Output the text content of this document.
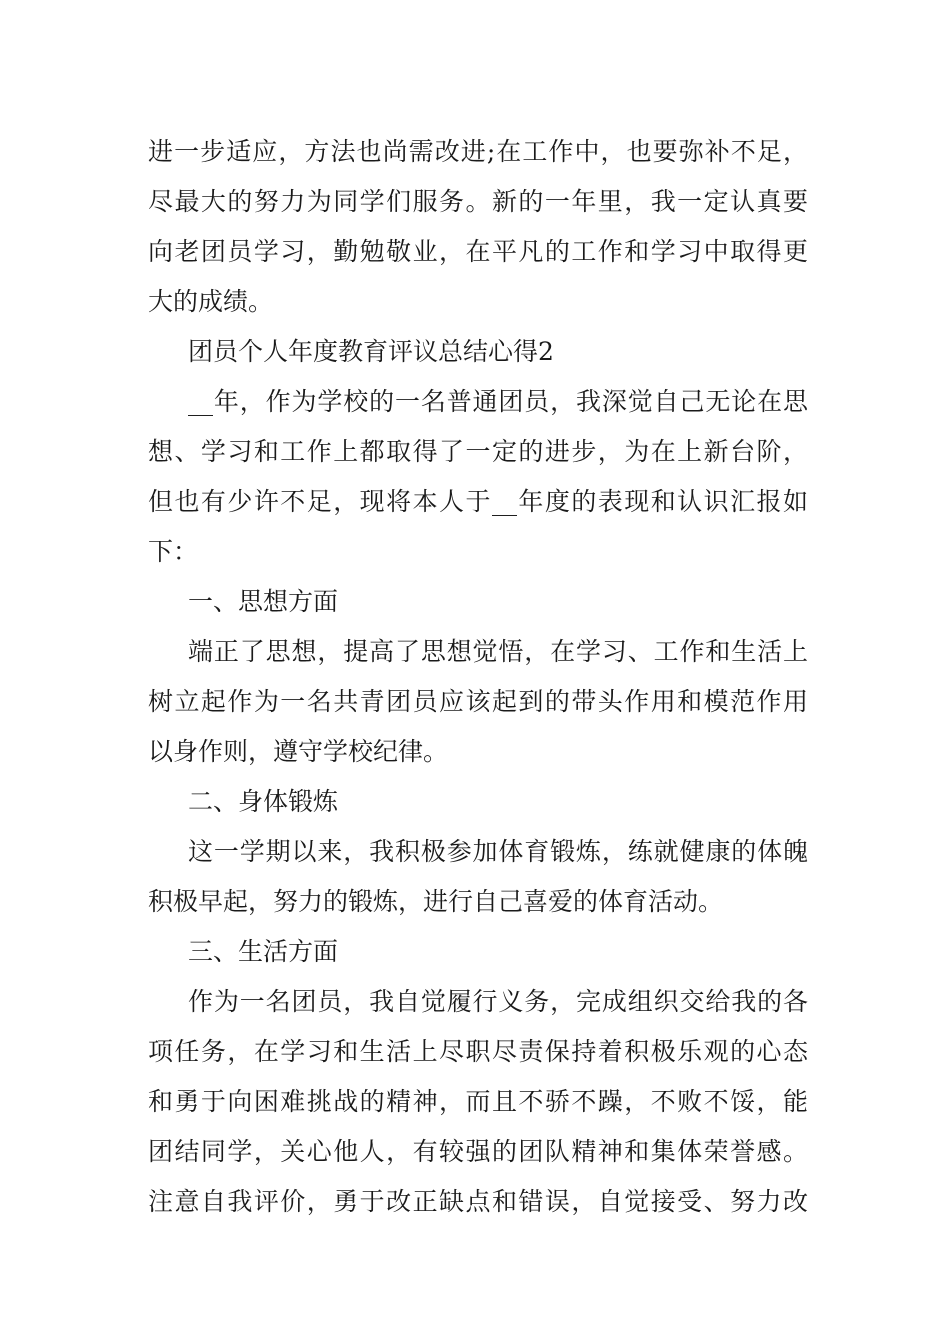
进一步适应，方法也尚需改进;在工作中，也要弥补不足，
尽最大的努力为同学们服务。新的一年里，我一定认真要
向老团员学习，勤勉敬业，在平凡的工作和学习中取得更
大的成绩。
团员个人年度教育评议总结心得2
__年，作为学校的一名普通团员，我深觉自己无论在思
想、学习和工作上都取得了一定的进步，为在上新台阶，
但也有少许不足，现将本人于__年度的表现和认识汇报如
下：
一、思想方面
端正了思想，提高了思想觉悟，在学习、工作和生活上
树立起作为一名共青团员应该起到的带头作用和模范作用
以身作则，遵守学校纪律。
二、身体锻炼
这一学期以来，我积极参加体育锻炼，练就健康的体魄
积极早起，努力的锻炼，进行自己喜爱的体育活动。
三、生活方面
作为一名团员，我自觉履行义务，完成组织交给我的各
项任务，在学习和生活上尽职尽责保持着积极乐观的心态
和勇于向困难挑战的精神，而且不骄不躁，不败不馁，能
团结同学，关心他人，有较强的团队精神和集体荣誉感。
注意自我评价，勇于改正缺点和错误，自觉接受、努力改
